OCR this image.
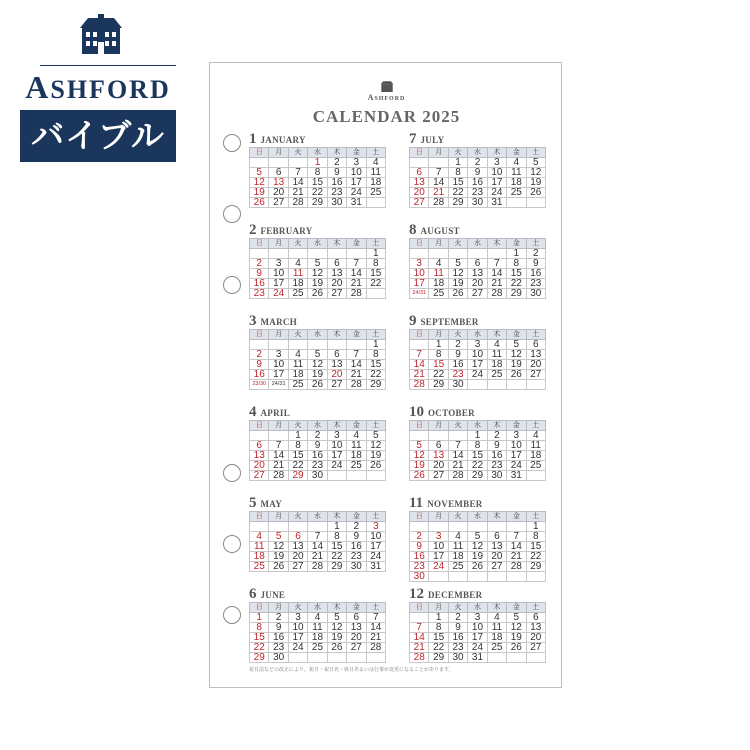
ASHFORD
バイブル
ASHFORD
CALENDAR 2025
1 JANUARY
日	月	火	水	木	金	土
			1	2	3	4
5	6	7	8	9	10	11
12	13	14	15	16	17	18
19	20	21	22	23	24	25
26	27	28	29	30	31	
2 FEBRUARY
日	月	火	水	木	金	土
						1
2	3	4	5	6	7	8
9	10	11	12	13	14	15
16	17	18	19	20	21	22
23	24	25	26	27	28	
3 MARCH
日	月	火	水	木	金	土
						1
2	3	4	5	6	7	8
9	10	11	12	13	14	15
16	17	18	19	20	21	22
23/30	24/31	25	26	27	28	29
4 APRIL
日	月	火	水	木	金	土
		1	2	3	4	5
6	7	8	9	10	11	12
13	14	15	16	17	18	19
20	21	22	23	24	25	26
27	28	29	30			
5 MAY
日	月	火	水	木	金	土
				1	2	3
4	5	6	7	8	9	10
11	12	13	14	15	16	17
18	19	20	21	22	23	24
25	26	27	28	29	30	31
6 JUNE
日	月	火	水	木	金	土
1	2	3	4	5	6	7
8	9	10	11	12	13	14
15	16	17	18	19	20	21
22	23	24	25	26	27	28
29	30					
7 JULY
日	月	火	水	木	金	土
		1	2	3	4	5
6	7	8	9	10	11	12
13	14	15	16	17	18	19
20	21	22	23	24	25	26
27	28	29	30	31		
8 AUGUST
日	月	火	水	木	金	土
					1	2
3	4	5	6	7	8	9
10	11	12	13	14	15	16
17	18	19	20	21	22	23
24/31	25	26	27	28	29	30
9 SEPTEMBER
日	月	火	水	木	金	土
	1	2	3	4	5	6
7	8	9	10	11	12	13
14	15	16	17	18	19	20
21	22	23	24	25	26	27
28	29	30				
10 OCTOBER
日	月	火	水	木	金	土
			1	2	3	4
5	6	7	8	9	10	11
12	13	14	15	16	17	18
19	20	21	22	23	24	25
26	27	28	29	30	31	
11 NOVEMBER
日	月	火	水	木	金	土
						1
2	3	4	5	6	7	8
9	10	11	12	13	14	15
16	17	18	19	20	21	22
23	24	25	26	27	28	29
30						
12 DECEMBER
日	月	火	水	木	金	土
	1	2	3	4	5	6
7	8	9	10	11	12	13
14	15	16	17	18	19	20
21	22	23	24	25	26	27
28	29	30	31			
祝日法などの改正により、祝日・祝日名・休日あるいは行事が変更になることがあります。
